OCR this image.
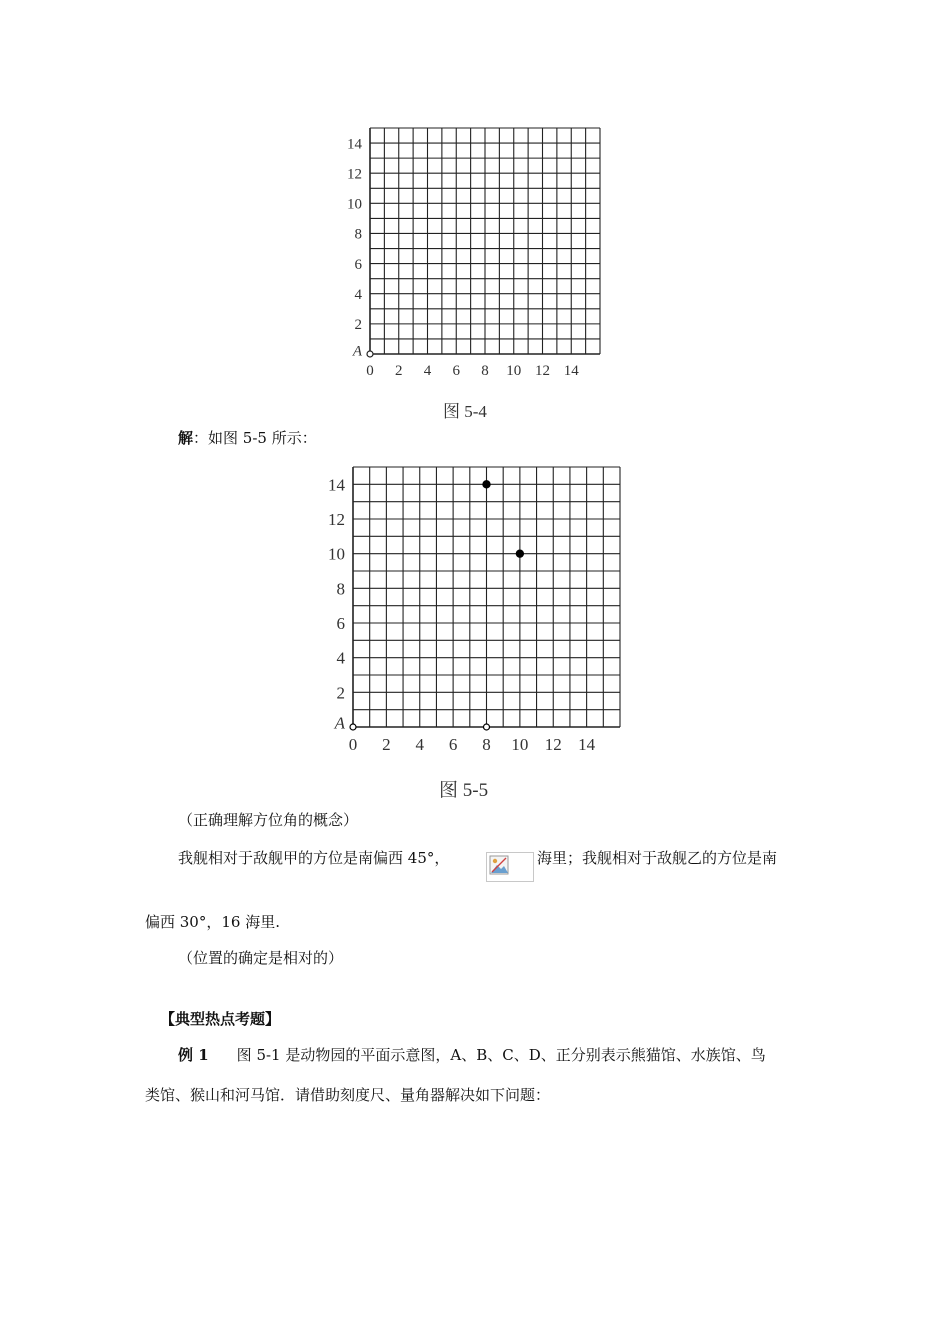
0 2 4 6 8 10 12 14
2
4
6
8
10
12
14
A
图 5-4
解：如图 5-5 所示：
0 2 4 6 8 10 12 14
2
4
6
8
10
12
14
A
图 5-5
（正确理解方位角的概念）
我舰相对于敌舰甲的方位是南偏西 45°，	海里；我舰相对于敌舰乙的方位是南
偏西 30°，16 海里.
（位置的确定是相对的）
【典型热点考题】
例 1 图 5-1 是动物园的平面示意图，A、B、C、D、正分别表示熊猫馆、水族馆、鸟
类馆、猴山和河马馆．请借助刻度尺、量角器解决如下问题：
